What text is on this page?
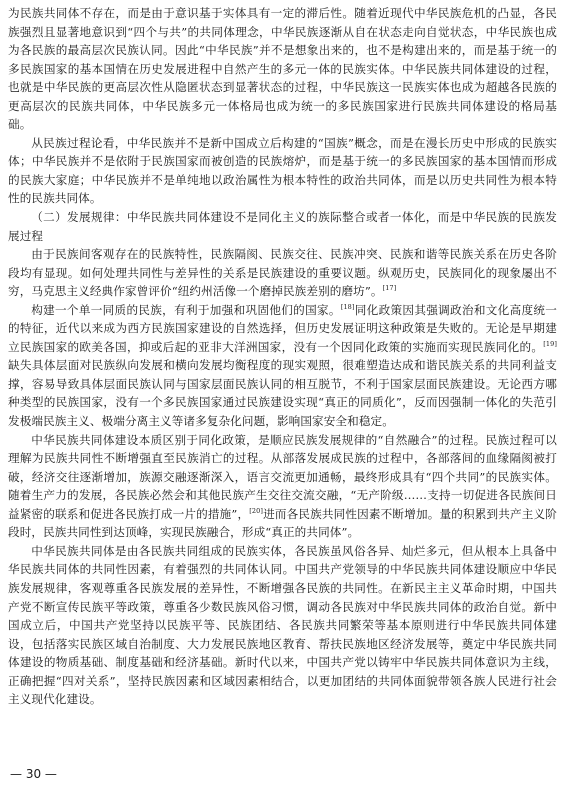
为民族共同体不存在，而是由于意识基于实体具有一定的滞后性。随着近现代中华民族危机的凸显，各民族强烈且显著地意识到“四个与共”的共同体理念，中华民族逐渐从自在状态走向自觉状态，中华民族也成为各民族的最高层次民族认同。因此“中华民族”并不是想象出来的，也不是构建出来的，而是基于统一的多民族国家的基本国情在历史发展进程中自然产生的多元一体的民族实体。中华民族共同体建设的过程，也就是中华民族的更高层次性从隐匿状态到显著状态的过程，中华民族这一民族实体也成为超越各民族的更高层次的民族共同体，中华民族多元一体格局也成为统一的多民族国家进行民族共同体建设的格局基础。

从民族过程论看，中华民族并不是新中国成立后构建的“国族”概念，而是在漫长历史中形成的民族实体；中华民族并不是依附于民族国家而被创造的民族熔炉，而是基于统一的多民族国家的基本国情而形成的民族大家庭；中华民族并不是单纯地以政治属性为根本特性的政治共同体，而是以历史共同性为根本特性的民族共同体。

（二）发展规律：中华民族共同体建设不是同化主义的族际整合或者一体化，而是中华民族的民族发展过程

由于民族间客观存在的民族特性，民族隔阂、民族交往、民族冲突、民族和谐等民族关系在历史各阶段均有显现。如何处理共同性与差异性的关系是民族建设的重要议题。纵观历史，民族同化的现象屡出不穷，马克思主义经典作家曾评价“纽约州活像一个磨掉民族差别的磨坊”。[17]

构建一个单一同质的民族，有利于加强和巩固他们的国家。[18]同化政策因其强调政治和文化高度统一的特征，近代以来成为西方民族国家建设的自然选择，但历史发展证明这种政策是失败的。无论是早期建立民族国家的欧美各国，抑或后起的亚非大洋洲国家，没有一个因同化政策的实施而实现民族同化的。[19]缺失具体层面对民族纵向发展和横向发展均衡程度的现实观照，很难塑造达成和谐民族关系的共同利益支撑，容易导致具体层面民族认同与国家层面民族认同的相互脱节，不利于国家层面民族建设。无论西方哪种类型的民族国家，没有一个多民族国家通过民族建设实现“真正的同质化”，反而因强制一体化的失范引发极端民族主义、极端分离主义等诸多复杂化问题，影响国家安全和稳定。

中华民族共同体建设本质区别于同化政策，是顺应民族发展规律的“自然融合”的过程。民族过程可以理解为民族共同性不断增强直至民族消亡的过程。从部落发展成民族的过程中，各部落间的血缘隔阂被打破，经济交往逐渐增加，族源交融逐渐深入，语言交流更加通畅，最终形成具有“四个共同”的民族实体。随着生产力的发展，各民族必然会和其他民族产生交往交流交融，“无产阶级……支持一切促进各民族间日益紧密的联系和促进各民族打成一片的措施”，[20]进而各民族共同性因素不断增加。量的积累到共产主义阶段时，民族共同性到达顶峰，实现民族融合，形成“真正的共同体”。

中华民族共同体是由各民族共同组成的民族实体，各民族虽风俗各异、灿烂多元，但从根本上具备中华民族共同体的共同性因素，有着强烈的共同体认同。中国共产党领导的中华民族共同体建设顺应中华民族发展规律，客观尊重各民族发展的差异性，不断增强各民族的共同性。在新民主主义革命时期，中国共产党不断宣传民族平等政策，尊重各少数民族风俗习惯，调动各民族对中华民族共同体的政治自觉。新中国成立后，中国共产党坚持以民族平等、民族团结、各民族共同繁荣等基本原则进行中华民族共同体建设，包括落实民族区域自治制度、大力发展民族地区教育、帮扶民族地区经济发展等，奠定中华民族共同体建设的物质基础、制度基础和经济基础。新时代以来，中国共产党以铸牢中华民族共同体意识为主线，正确把握“四对关系”，坚持民族因素和区域因素相结合，以更加团结的共同体面貌带领各族人民进行社会主义现代化建设。

— 30 —
